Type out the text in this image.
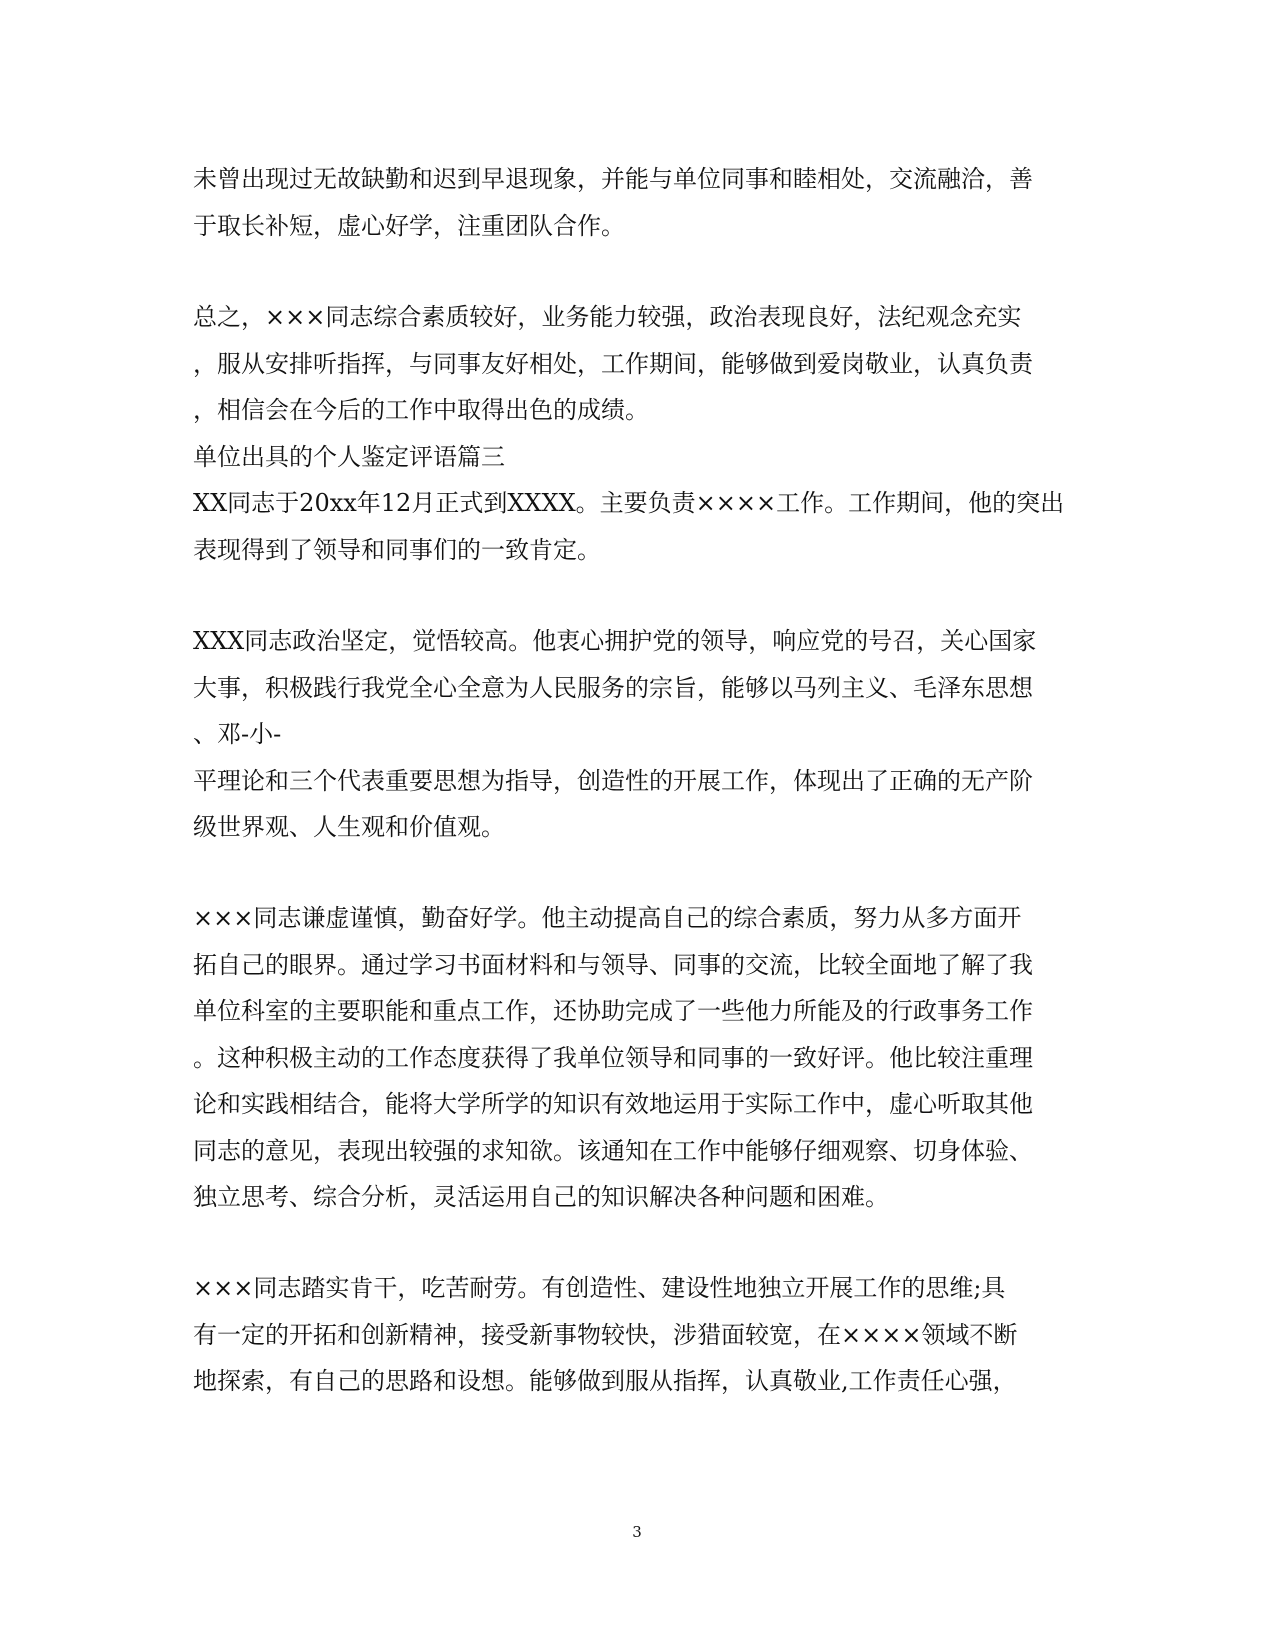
未曾出现过无故缺勤和迟到早退现象，并能与单位同事和睦相处，交流融洽，善
于取长补短，虚心好学，注重团队合作。
总之，×××同志综合素质较好，业务能力较强，政治表现良好，法纪观念充实
，服从安排听指挥，与同事友好相处，工作期间，能够做到爱岗敬业，认真负责
，相信会在今后的工作中取得出色的成绩。
单位出具的个人鉴定评语篇三
XX同志于20xx年12月正式到XXXX。主要负责××××工作。工作期间，他的突出
表现得到了领导和同事们的一致肯定。
XXX同志政治坚定，觉悟较高。他衷心拥护党的领导，响应党的号召，关心国家
大事，积极践行我党全心全意为人民服务的宗旨，能够以马列主义、毛泽东思想
、邓-小-
平理论和三个代表重要思想为指导，创造性的开展工作，体现出了正确的无产阶
级世界观、人生观和价值观。
×××同志谦虚谨慎，勤奋好学。他主动提高自己的综合素质，努力从多方面开
拓自己的眼界。通过学习书面材料和与领导、同事的交流，比较全面地了解了我
单位科室的主要职能和重点工作，还协助完成了一些他力所能及的行政事务工作
。这种积极主动的工作态度获得了我单位领导和同事的一致好评。他比较注重理
论和实践相结合，能将大学所学的知识有效地运用于实际工作中，虚心听取其他
同志的意见，表现出较强的求知欲。该通知在工作中能够仔细观察、切身体验、
独立思考、综合分析，灵活运用自己的知识解决各种问题和困难。
×××同志踏实肯干，吃苦耐劳。有创造性、建设性地独立开展工作的思维;具
有一定的开拓和创新精神，接受新事物较快，涉猎面较宽，在××××领域不断
地探索，有自己的思路和设想。能够做到服从指挥，认真敬业,工作责任心强，
3
